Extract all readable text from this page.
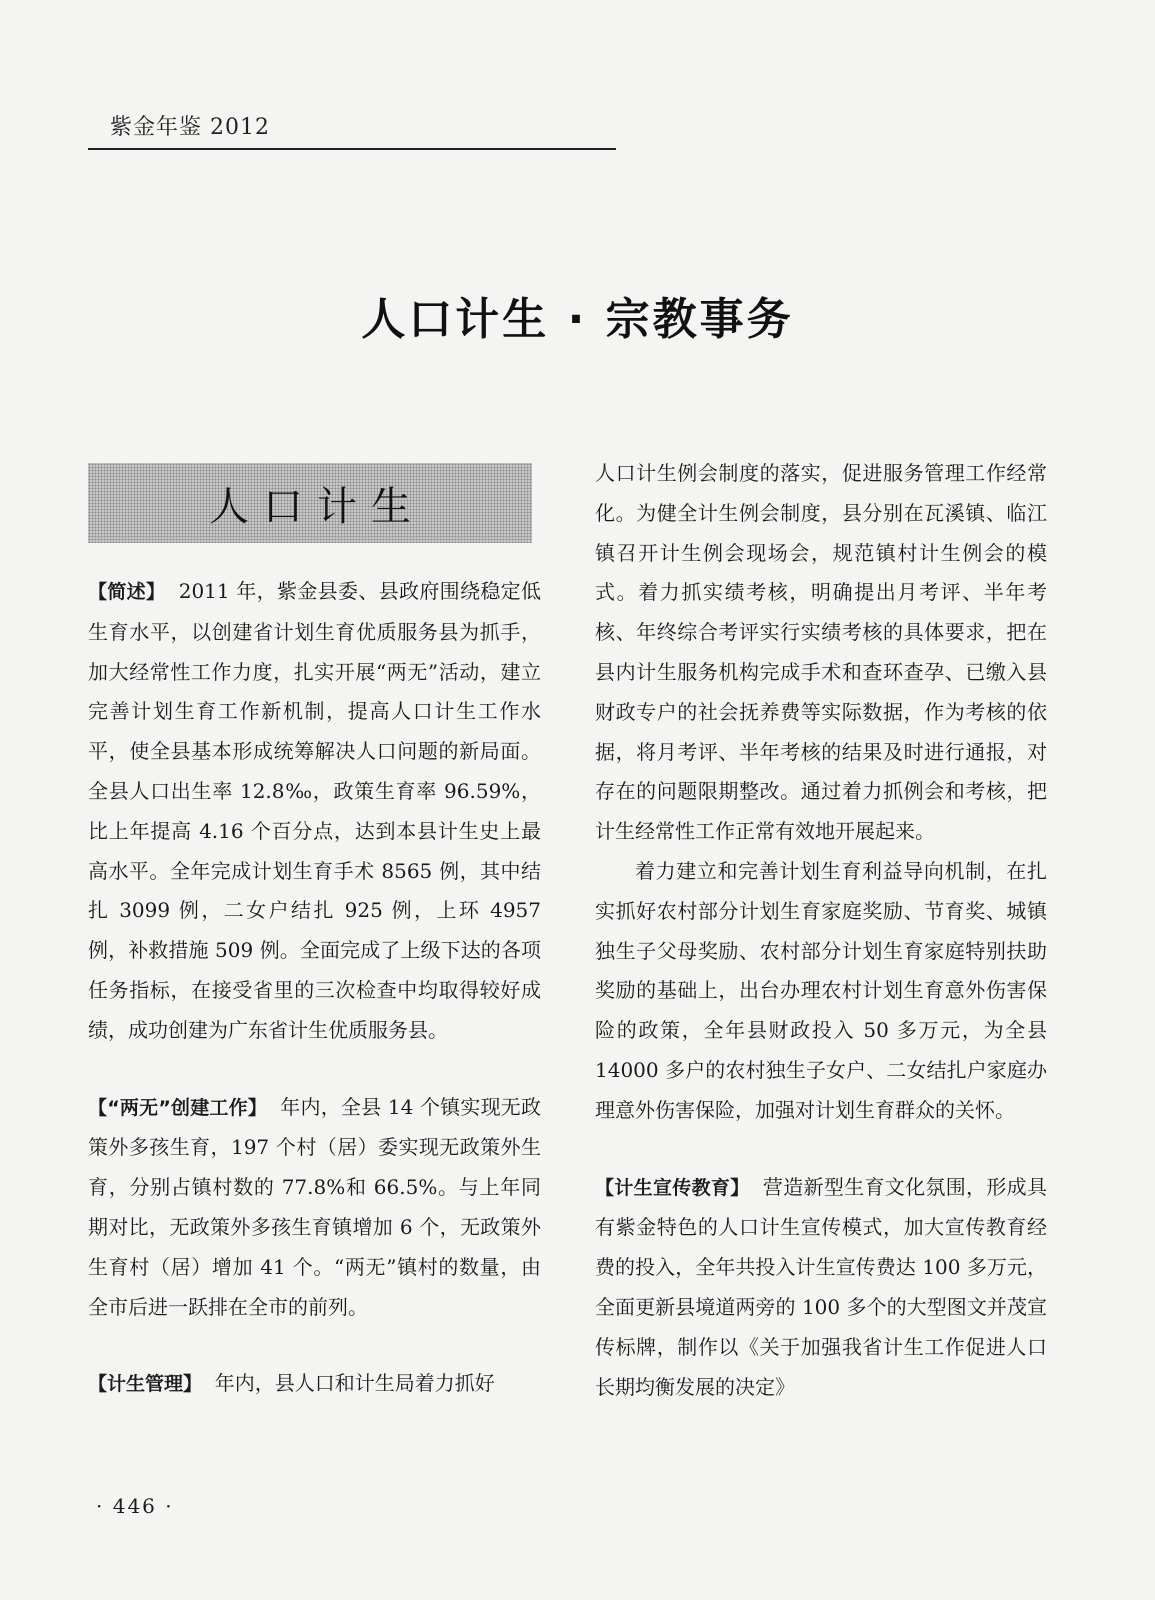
紫金年鉴 2012
人口计生 · 宗教事务
人口计生

【简述】 2011 年，紫金县委、县政府围绕稳定低生育水平，以创建省计划生育优质服务县为抓手，加大经常性工作力度，扎实开展“两无”活动，建立完善计划生育工作新机制，提高人口计生工作水平，使全县基本形成统筹解决人口问题的新局面。全县人口出生率 12.8‰，政策生育率 96.59%，比上年提高 4.16 个百分点，达到本县计生史上最高水平。全年完成计划生育手术 8565 例，其中结扎 3099 例，二女户结扎 925 例，上环 4957 例，补救措施 509 例。全面完成了上级下达的各项任务指标，在接受省里的三次检查中均取得较好成绩，成功创建为广东省计生优质服务县。

【“两无”创建工作】 年内，全县 14 个镇实现无政策外多孩生育，197 个村（居）委实现无政策外生育，分别占镇村数的 77.8%和 66.5%。与上年同期对比，无政策外多孩生育镇增加 6 个，无政策外生育村（居）增加 41 个。“两无”镇村的数量，由全市后进一跃排在全市的前列。

【计生管理】 年内，县人口和计生局着力抓好

人口计生例会制度的落实，促进服务管理工作经常化。为健全计生例会制度，县分别在瓦溪镇、临江镇召开计生例会现场会，规范镇村计生例会的模式。着力抓实绩考核，明确提出月考评、半年考核、年终综合考评实行实绩考核的具体要求，把在县内计生服务机构完成手术和查环查孕、已缴入县财政专户的社会抚养费等实际数据，作为考核的依据，将月考评、半年考核的结果及时进行通报，对存在的问题限期整改。通过着力抓例会和考核，把计生经常性工作正常有效地开展起来。

着力建立和完善计划生育利益导向机制，在扎实抓好农村部分计划生育家庭奖励、节育奖、城镇独生子父母奖励、农村部分计划生育家庭特别扶助奖励的基础上，出台办理农村计划生育意外伤害保险的政策，全年县财政投入 50 多万元，为全县 14000 多户的农村独生子女户、二女结扎户家庭办理意外伤害保险，加强对计划生育群众的关怀。

【计生宣传教育】 营造新型生育文化氛围，形成具有紫金特色的人口计生宣传模式，加大宣传教育经费的投入，全年共投入计生宣传费达 100 多万元，全面更新县境道两旁的 100 多个的大型图文并茂宣传标牌，制作以《关于加强我省计生工作促进人口长期均衡发展的决定》

· 446 ·
